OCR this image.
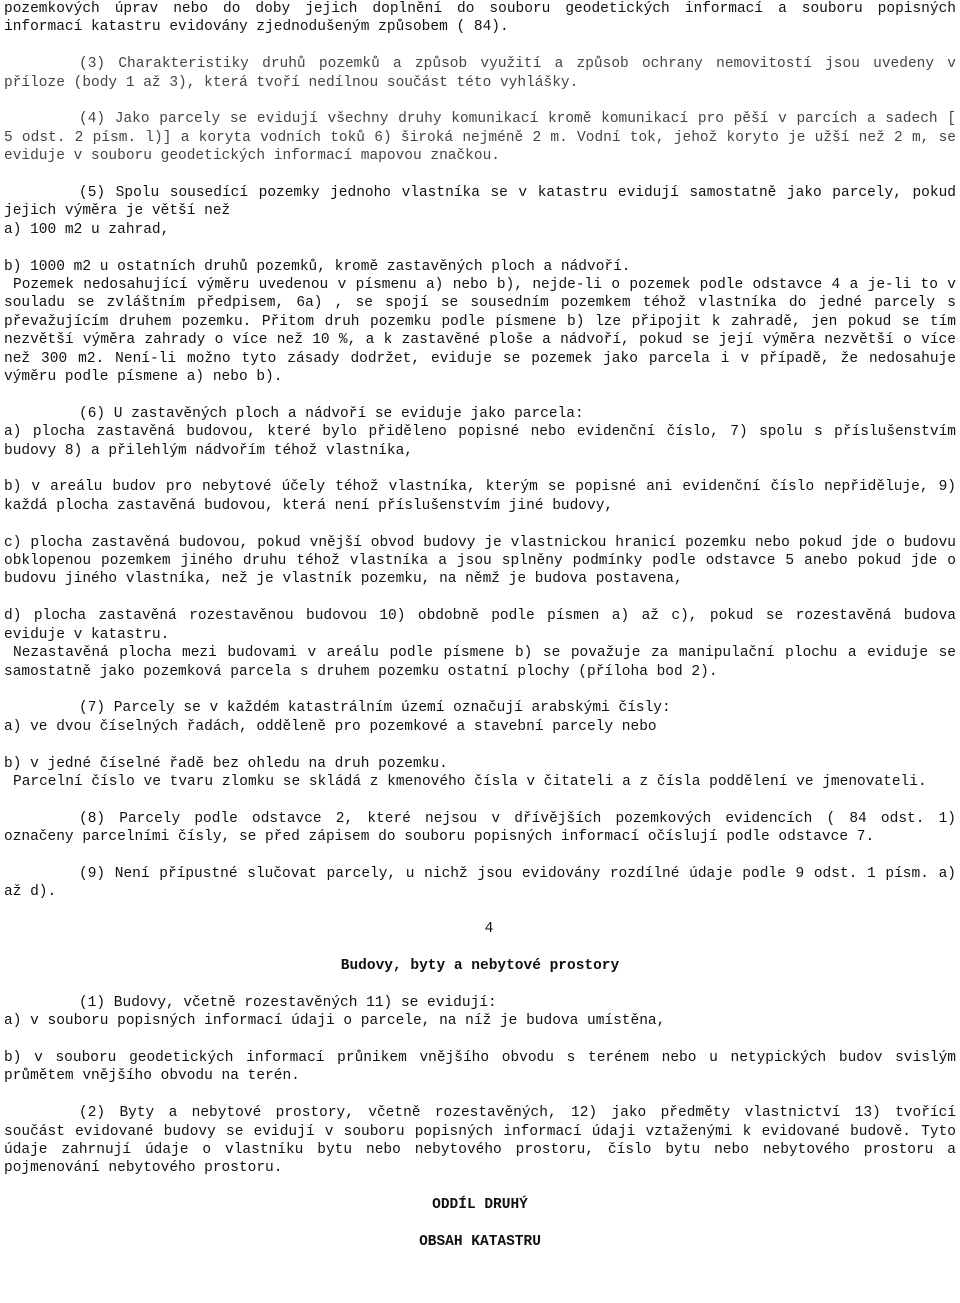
pozemkových úprav nebo do doby jejich doplnění do souboru geodetických informací a souboru popisných informací katastru evidovány zjednodušeným způsobem ( 84).

(3) Charakteristiky druhů pozemků a způsob využití a způsob ochrany nemovitostí jsou uvedeny v příloze (body 1 až 3), která tvoří nedílnou součást této vyhlášky.

(4) Jako parcely se evidují všechny druhy komunikací kromě komunikací pro pěší v parcích a sadech [ 5 odst. 2 písm. l)] a koryta vodních toků 6) široká nejméně 2 m. Vodní tok, jehož koryto je užší než 2 m, se eviduje v souboru geodetických informací mapovou značkou.

(5) Spolu sousedící pozemky jednoho vlastníka se v katastru evidují samostatně jako parcely, pokud jejich výměra je větší než

a) 100 m2 u zahrad,

b) 1000 m2 u ostatních druhů pozemků, kromě zastavěných ploch a nádvoří.

Pozemek nedosahující výměru uvedenou v písmenu a) nebo b), nejde-li o pozemek podle odstavce 4 a je-li to v souladu se zvláštním předpisem, 6a) , se spojí se sousedním pozemkem téhož vlastníka do jedné parcely s převažujícím druhem pozemku. Přitom druh pozemku podle písmene b) lze připojit k zahradě, jen pokud se tím nezvětší výměra zahrady o více než 10 %, a k zastavěné ploše a nádvoří, pokud se její výměra nezvětší o více než 300 m2. Není-li možno tyto zásady dodržet, eviduje se pozemek jako parcela i v případě, že nedosahuje výměru podle písmene a) nebo b).

(6) U zastavěných ploch a nádvoří se eviduje jako parcela:

a) plocha zastavěná budovou, které bylo přiděleno popisné nebo evidenční číslo, 7) spolu s příslušenstvím budovy 8) a přilehlým nádvořím téhož vlastníka,

b) v areálu budov pro nebytové účely téhož vlastníka, kterým se popisné ani evidenční číslo nepřiděluje, 9) každá plocha zastavěná budovou, která není příslušenstvím jiné budovy,

c) plocha zastavěná budovou, pokud vnější obvod budovy je vlastnickou hranicí pozemku nebo pokud jde o budovu obklopenou pozemkem jiného druhu téhož vlastníka a jsou splněny podmínky podle odstavce 5 anebo pokud jde o budovu jiného vlastníka, než je vlastník pozemku, na němž je budova postavena,

d) plocha zastavěná rozestavěnou budovou 10) obdobně podle písmen a) až c), pokud se rozestavěná budova eviduje v katastru.

Nezastavěná plocha mezi budovami v areálu podle písmene b) se považuje za manipulační plochu a eviduje se samostatně jako pozemková parcela s druhem pozemku ostatní plochy (příloha bod 2).

(7) Parcely se v každém katastrálním území označují arabskými čísly:

a) ve dvou číselných řadách, odděleně pro pozemkové a stavební parcely nebo

b) v jedné číselné řadě bez ohledu na druh pozemku.

Parcelní číslo ve tvaru zlomku se skládá z kmenového čísla v čitateli a z čísla poddělení ve jmenovateli.

(8) Parcely podle odstavce 2, které nejsou v dřívějších pozemkových evidencích ( 84 odst. 1) označeny parcelními čísly, se před zápisem do souboru popisných informací očíslují podle odstavce 7.

(9) Není přípustné slučovat parcely, u nichž jsou evidovány rozdílné údaje podle 9 odst. 1 písm. a) až d).

4

Budovy, byty a nebytové prostory

(1) Budovy, včetně rozestavěných 11) se evidují:

a) v souboru popisných informací údaji o parcele, na níž je budova umístěna,

b) v souboru geodetických informací průnikem vnějšího obvodu s terénem nebo u netypických budov svislým průmětem vnějšího obvodu na terén.

(2) Byty a nebytové prostory, včetně rozestavěných, 12) jako předměty vlastnictví 13) tvořící součást evidované budovy se evidují v souboru popisných informací údaji vztaženými k evidované budově. Tyto údaje zahrnují údaje o vlastníku bytu nebo nebytového prostoru, číslo bytu nebo nebytového prostoru a pojmenování nebytového prostoru.

ODDÍL DRUHÝ

OBSAH KATASTRU
